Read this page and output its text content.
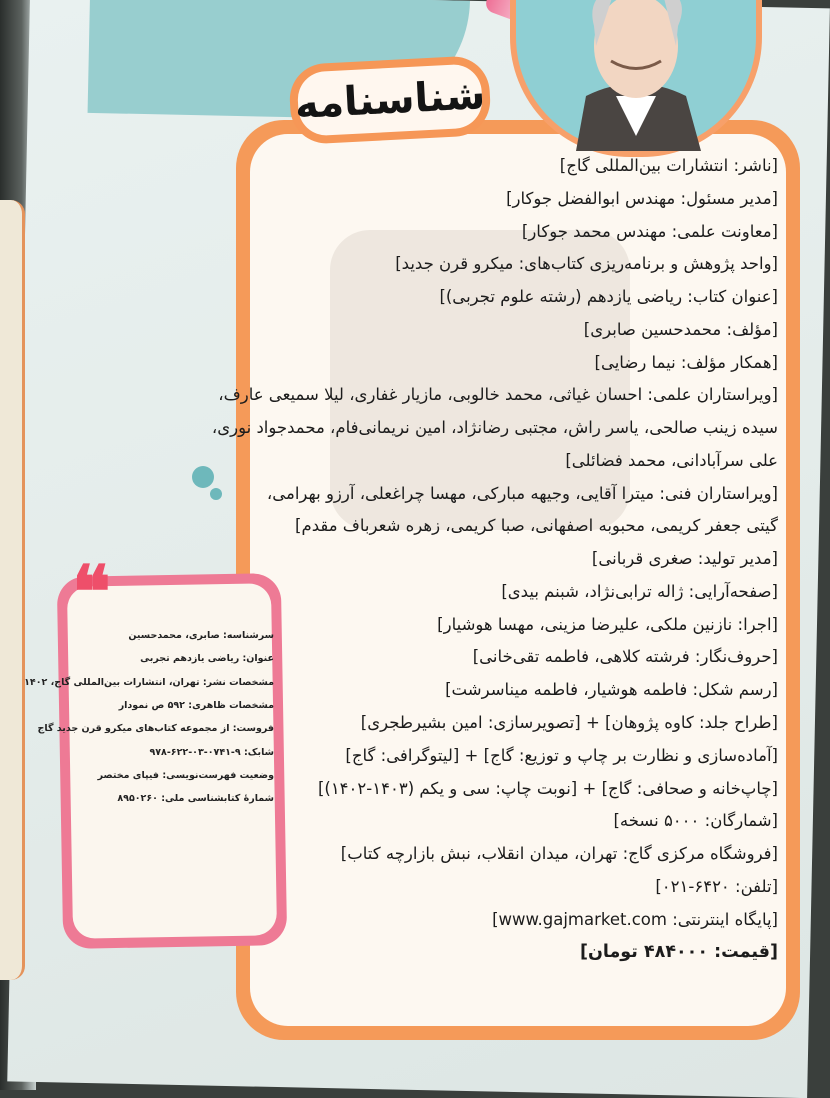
شناسنامه
[ناشر: انتشارات بین‌المللی گاج]
[مدیر مسئول: مهندس ابوالفضل جوکار]
[معاونت علمی: مهندس محمد جوکار]
[واحد پژوهش و برنامه‌ریزی کتاب‌های: میکرو قرن جدید]
[عنوان کتاب: ریاضی یازدهم (رشته علوم تجربی)]
[مؤلف: محمدحسین صابری]
[همکار مؤلف: نیما رضایی]
[ویراستاران علمی: احسان غیاثی، محمد خالوبی، مازیار غفاری، لیلا سمیعی عارف،
سیده زینب صالحی، یاسر راش، مجتبی رضانژاد، امین نریمانی‌فام، محمدجواد نوری،
علی سرآبادانی، محمد فضائلی]
[ویراستاران فنی: میترا آقایی، وجیهه مبارکی، مهسا چراغعلی، آرزو بهرامی،
گیتی جعفر کریمی، محبوبه اصفهانی، صبا کریمی، زهره شعرباف مقدم]
[مدیر تولید: صغری قربانی]
[صفحه‌آرایی: ژاله ترابی‌نژاد، شبنم بیدی]
[اجرا: نازنین ملکی، علیرضا مزینی، مهسا هوشیار]
[حروف‌نگار: فرشته کلاهی، فاطمه تقی‌خانی]
[رسم شکل: فاطمه هوشیار، فاطمه میناسرشت]
[طراح جلد: کاوه پژوهان] + [تصویرسازی: امین بشیرطجری]
[آماده‌سازی و نظارت بر چاپ و توزیع: گاج] + [لیتوگرافی: گاج]
[چاپ‌خانه و صحافی: گاج] + [نوبت چاپ: سی و یکم (۱۴۰۳-۱۴۰۲)]
[شمارگان: ۵۰۰۰ نسخه]
[فروشگاه مرکزی گاج: تهران، میدان انقلاب، نبش بازارچه کتاب]
[تلفن: ۶۴۲۰-۰۲۱]
[پایگاه اینترنتی: www.gajmarket.com]
[قیمت: ۴۸۴۰۰۰ تومان]
❝
سرشناسه: صابری، محمدحسین
عنوان: ریاضی یازدهم تجربی
مشخصات نشر: تهران، انتشارات بین‌المللی گاج، ۱۴۰۲
مشخصات ظاهری: ۵۹۲ ص نمودار
فروست: از مجموعه کتاب‌های میکرو قرن جدید گاج
شابک: ۹-۰۷۴۱-۰۳-۶۲۲-۹۷۸
وضعیت فهرست‌نویسی: فیپای مختصر
شمارهٔ کتابشناسی ملی: ۸۹۵۰۲۶۰
